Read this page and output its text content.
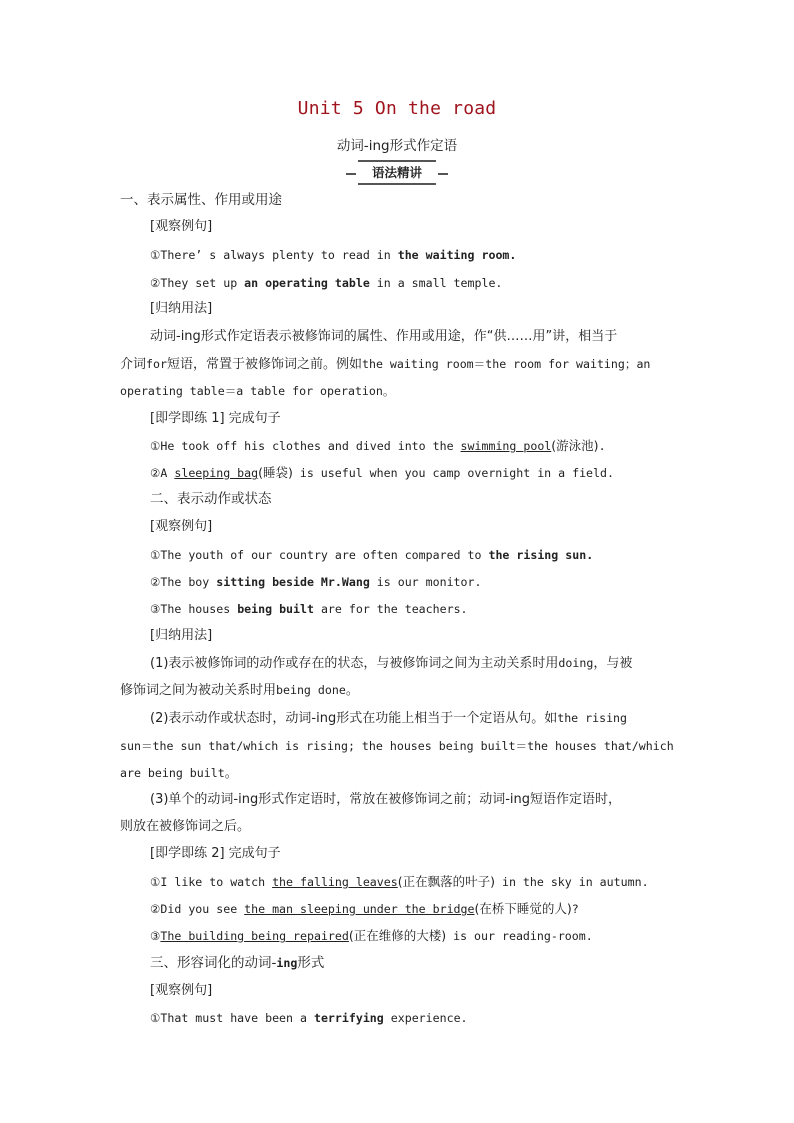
Unit 5 On the road
动词-ing形式作定语
语法精讲
一、表示属性、作用或用途
[观察例句]
①There’ s always plenty to read in the waiting room.
②They set up an operating table in a small temple.
[归纳用法]
动词-ing形式作定语表示被修饰词的属性、作用或用途，作“供……用”讲，相当于
介词for短语，常置于被修饰词之前。例如the waiting room＝the room for waiting；an
operating table＝a table for operation。
[即学即练 1] 完成句子
①He took off his clothes and dived into the swimming pool(游泳池).
②A sleeping bag(睡袋) is useful when you camp overnight in a field.
二、表示动作或状态
[观察例句]
①The youth of our country are often compared to the rising sun.
②The boy sitting beside Mr.Wang is our monitor.
③The houses being built are for the teachers.
[归纳用法]
(1)表示被修饰词的动作或存在的状态，与被修饰词之间为主动关系时用doing，与被
修饰词之间为被动关系时用being done。
(2)表示动作或状态时，动词-ing形式在功能上相当于一个定语从句。如the rising
sun＝the sun that/which is rising; the houses being built＝the houses that/which
are being built。
(3)单个的动词-ing形式作定语时，常放在被修饰词之前；动词-ing短语作定语时，
则放在被修饰词之后。
[即学即练 2] 完成句子
①I like to watch the falling leaves(正在飘落的叶子) in the sky in autumn.
②Did you see the man sleeping under the bridge(在桥下睡觉的人)?
③The building being repaired(正在维修的大楼) is our reading-room.
三、形容词化的动词-ing形式
[观察例句]
①That must have been a terrifying experience.
